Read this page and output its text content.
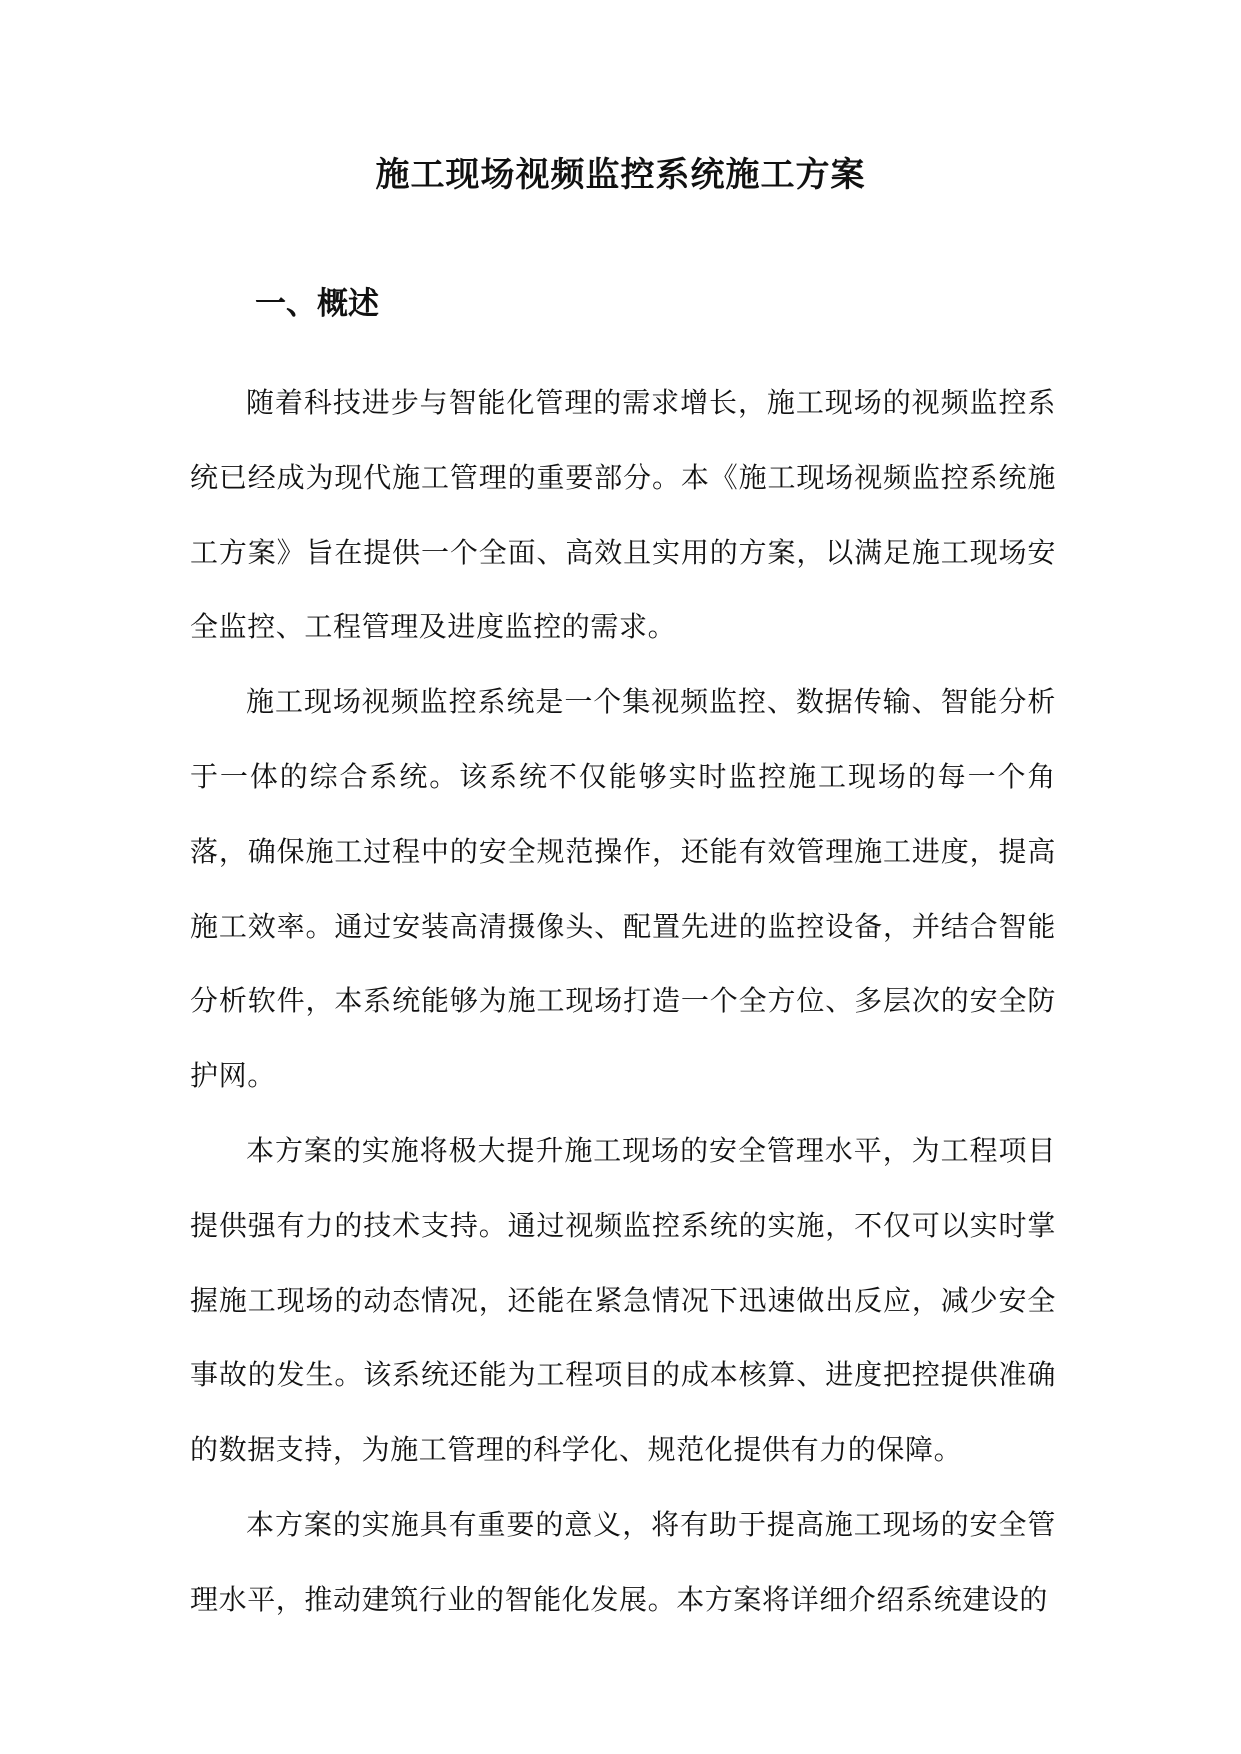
施工现场视频监控系统施工方案
一、概述

随着科技进步与智能化管理的需求增长，施工现场的视频监控系统已经成为现代施工管理的重要部分。本《施工现场视频监控系统施工方案》旨在提供一个全面、高效且实用的方案，以满足施工现场安全监控、工程管理及进度监控的需求。

施工现场视频监控系统是一个集视频监控、数据传输、智能分析于一体的综合系统。该系统不仅能够实时监控施工现场的每一个角落，确保施工过程中的安全规范操作，还能有效管理施工进度，提高施工效率。通过安装高清摄像头、配置先进的监控设备，并结合智能分析软件，本系统能够为施工现场打造一个全方位、多层次的安全防护网。

本方案的实施将极大提升施工现场的安全管理水平，为工程项目提供强有力的技术支持。通过视频监控系统的实施，不仅可以实时掌握施工现场的动态情况，还能在紧急情况下迅速做出反应，减少安全事故的发生。该系统还能为工程项目的成本核算、进度把控提供准确的数据支持，为施工管理的科学化、规范化提供有力的保障。

本方案的实施具有重要的意义，将有助于提高施工现场的安全管理水平，推动建筑行业的智能化发展。本方案将详细介绍系统建设的
